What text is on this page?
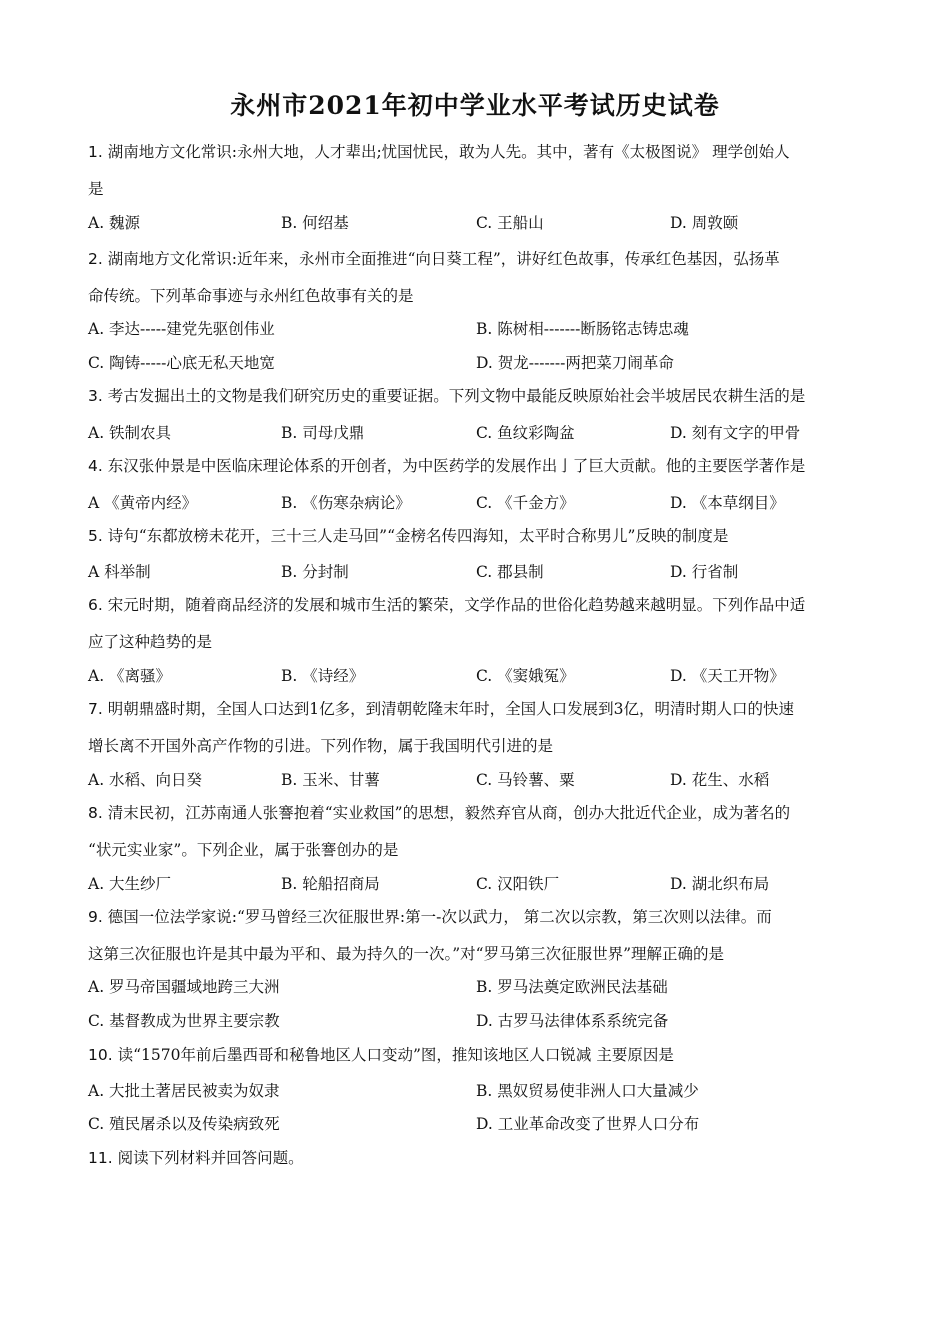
永州市2021年初中学业水平考试历史试卷
1. 湖南地方文化常识:永州大地，人才辈出;忧国忧民，敢为人先。其中，著有《太极图说》 理学创始人
是
A. 魏源	B. 何绍基	C. 王船山	D. 周敦颐
2. 湖南地方文化常识:近年来，永州市全面推进“向日葵工程”，讲好红色故事，传承红色基因，弘扬革
命传统。下列革命事迹与永州红色故事有关的是
A. 李达-----建党先驱创伟业	B. 陈树相-------断肠铭志铸忠魂
C. 陶铸-----心底无私天地宽	D. 贺龙-------两把菜刀闹革命
3. 考古发掘出土的文物是我们研究历史的重要证据。下列文物中最能反映原始社会半坡居民农耕生活的是
A. 铁制农具	B. 司母戊鼎	C. 鱼纹彩陶盆	D. 刻有文字的甲骨
4. 东汉张仲景是中医临床理论体系的开创者，为中医药学的发展作出亅了巨大贡献。他的主要医学著作是
A 《黄帝内经》	B. 《伤寒杂病论》	C. 《千金方》	D. 《本草纲目》
5. 诗句“东都放榜未花开，三十三人走马回”“金榜名传四海知，太平时合称男儿”反映的制度是
A 科举制	B. 分封制	C. 郡县制	D. 行省制
6. 宋元时期，随着商品经济的发展和城市生活的繁荣，文学作品的世俗化趋势越来越明显。下列作品中适
应了这种趋势的是
A. 《离骚》	B. 《诗经》	C. 《窦娥冤》	D. 《天工开物》
7. 明朝鼎盛时期，全国人口达到1亿多，到清朝乾隆末年时，全国人口发展到3亿，明清时期人口的快速
增长离不开国外高产作物的引进。下列作物，属于我国明代引进的是
A. 水稻、向日癸	B. 玉米、甘薯	C. 马铃薯、粟	D. 花生、水稻
8. 清末民初，江苏南通人张謇抱着“实业救国”的思想，毅然弃官从商，创办大批近代企业，成为著名的
“状元实业家”。下列企业，属于张謇创办的是
A. 大生纱厂	B. 轮船招商局	C. 汉阳铁厂	D. 湖北织布局
9. 德国一位法学家说:“罗马曾经三次征服世界:第一-次以武力， 第二次以宗教，第三次则以法律。而
这第三次征服也许是其中最为平和、最为持久的一次。”对“罗马第三次征服世界”理解正确的是
A. 罗马帝国疆域地跨三大洲	B. 罗马法奠定欧洲民法基础
C. 基督教成为世界主要宗教	D. 古罗马法律体系系统完备
10. 读“1570年前后墨西哥和秘鲁地区人口变动”图，推知该地区人口锐减 主要原因是
A. 大批土著居民被卖为奴隶	B. 黑奴贸易使非洲人口大量减少
C. 殖民屠杀以及传染病致死	D. 工业革命改变了世界人口分布
11. 阅读下列材料并回答问题。
